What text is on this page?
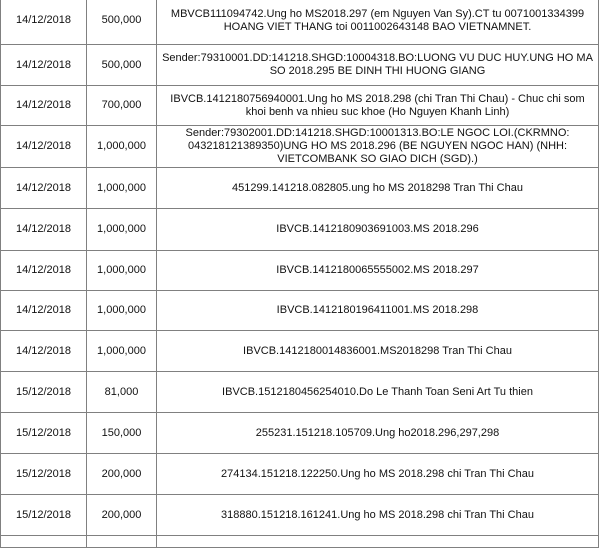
14/12/2018	500,000	MBVCB111094742.Ung ho MS2018.297 (em Nguyen Van Sy).CT tu 0071001334399 HOANG VIET THANG toi 0011002643148 BAO VIETNAMNET.
14/12/2018	500,000	Sender:79310001.DD:141218.SHGD:10004318.BO:LUONG VU DUC HUY.UNG HO MA SO 2018.295 BE DINH THI HUONG GIANG
14/12/2018	700,000	IBVCB.1412180756940001.Ung ho MS 2018.298 (chi Tran Thi Chau) - Chuc chi som khoi benh va nhieu suc khoe (Ho Nguyen Khanh Linh)
14/12/2018	1,000,000	Sender:79302001.DD:141218.SHGD:10001313.BO:LE NGOC LOI.(CKRMNO: 043218121389350)UNG HO MS 2018.296 (BE NGUYEN NGOC HAN) (NHH: VIETCOMBANK SO GIAO DICH (SGD).)
14/12/2018	1,000,000	451299.141218.082805.ung ho MS 2018298 Tran Thi Chau
14/12/2018	1,000,000	IBVCB.1412180903691003.MS 2018.296
14/12/2018	1,000,000	IBVCB.1412180065555002.MS 2018.297
14/12/2018	1,000,000	IBVCB.1412180196411001.MS 2018.298
14/12/2018	1,000,000	IBVCB.1412180014836001.MS2018298 Tran Thi Chau
15/12/2018	81,000	IBVCB.1512180456254010.Do Le Thanh Toan Seni Art Tu thien
15/12/2018	150,000	255231.151218.105709.Ung ho2018.296,297,298
15/12/2018	200,000	274134.151218.122250.Ung ho MS 2018.298 chi Tran Thi Chau
15/12/2018	200,000	318880.151218.161241.Ung ho MS 2018.298 chi Tran Thi Chau
